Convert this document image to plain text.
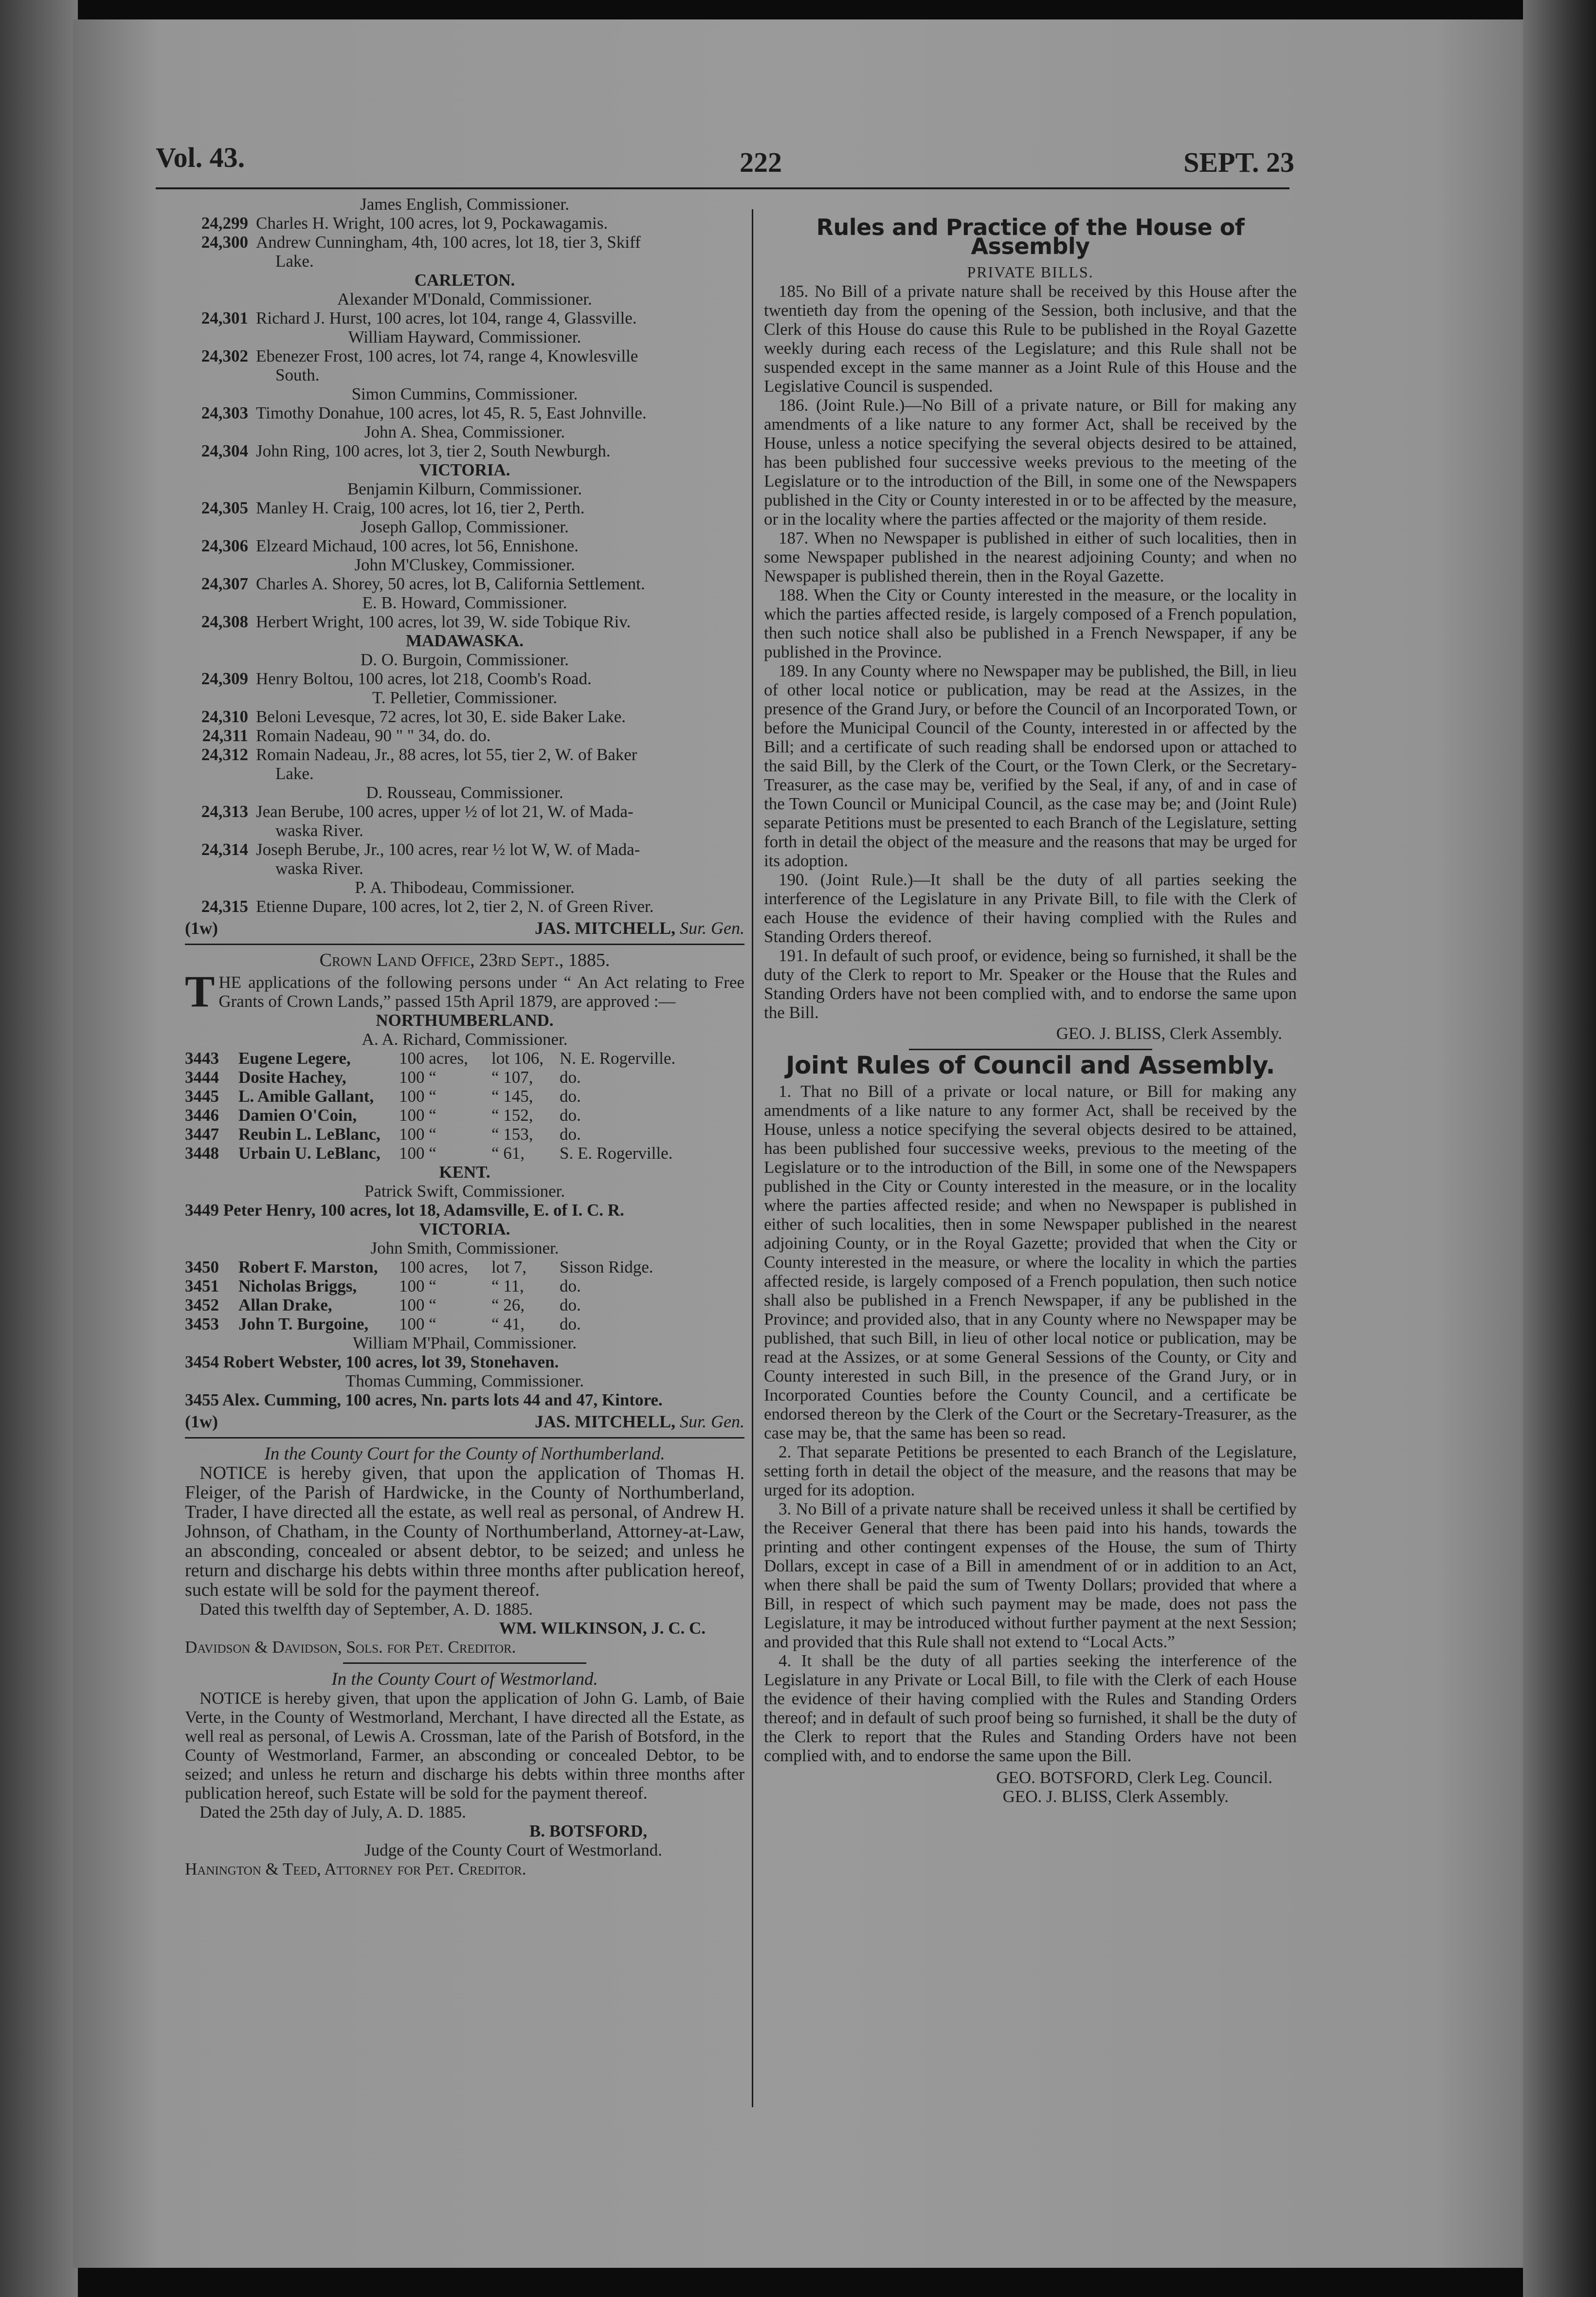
Vol. 43.	222	SEPT. 23
James English, Commissioner.
24,299 Charles H. Wright, 100 acres, lot 9, Pockawagamis.
24,300 Andrew Cunningham, 4th, 100 acres, lot 18, tier 3, Skiff
Lake.
CARLETON.
Alexander M'Donald, Commissioner.
24,301 Richard J. Hurst, 100 acres, lot 104, range 4, Glassville.
William Hayward, Commissioner.
24,302 Ebenezer Frost, 100 acres, lot 74, range 4, Knowlesville
South.
Simon Cummins, Commissioner.
24,303 Timothy Donahue, 100 acres, lot 45, R. 5, East Johnville.
John A. Shea, Commissioner.
24,304 John Ring, 100 acres, lot 3, tier 2, South Newburgh.
VICTORIA.
Benjamin Kilburn, Commissioner.
24,305 Manley H. Craig, 100 acres, lot 16, tier 2, Perth.
Joseph Gallop, Commissioner.
24,306 Elzeard Michaud, 100 acres, lot 56, Ennishone.
John M'Cluskey, Commissioner.
24,307 Charles A. Shorey, 50 acres, lot B, California Settlement.
E. B. Howard, Commissioner.
24,308 Herbert Wright, 100 acres, lot 39, W. side Tobique Riv.
MADAWASKA.
D. O. Burgoin, Commissioner.
24,309 Henry Boltou, 100 acres, lot 218, Coomb's Road.
T. Pelletier, Commissioner.
24,310 Beloni Levesque, 72 acres, lot 30, E. side Baker Lake.
24,311 Romain Nadeau, 90 " " 34, do. do.
24,312 Romain Nadeau, Jr., 88 acres, lot 55, tier 2, W. of Baker
Lake.
D. Rousseau, Commissioner.
24,313 Jean Berube, 100 acres, upper ½ of lot 21, W. of Mada-
waska River.
24,314 Joseph Berube, Jr., 100 acres, rear ½ lot W, W. of Mada-
waska River.
P. A. Thibodeau, Commissioner.
24,315 Etienne Dupare, 100 acres, lot 2, tier 2, N. of Green River.
(1w)	JAS. MITCHELL, Sur. Gen.
Crown Land Office, 23rd Sept., 1885.
THE applications of the following persons under “ An Act relating to Free Grants of Crown Lands,” passed 15th April 1879, are approved :—
NORTHUMBERLAND.
A. A. Richard, Commissioner.
3443	Eugene Legere,	100 acres,	lot 106, N. E. Rogerville.
3444	Dosite Hachey,	100 “	“ 107,	do.
3445	L. Amible Gallant,	100 “	“ 145,	do.
3446	Damien O'Coin,	100 “	“ 152,	do.
3447	Reubin L. LeBlanc,	100 “	“ 153,	do.
3448	Urbain U. LeBlanc,	100 “	“ 61,	S. E. Rogerville.
KENT.
Patrick Swift, Commissioner.
3449 Peter Henry, 100 acres, lot 18, Adamsville, E. of I. C. R.
VICTORIA.
John Smith, Commissioner.
3450	Robert F. Marston,	100 acres,	lot 7,	Sisson Ridge.
3451	Nicholas Briggs,	100 “	“ 11,	do.
3452	Allan Drake,	100 “	“ 26,	do.
3453	John T. Burgoine,	100 “	“ 41,	do.
William M'Phail, Commissioner.
3454 Robert Webster, 100 acres, lot 39, Stonehaven.
Thomas Cumming, Commissioner.
3455 Alex. Cumming, 100 acres, Nn. parts lots 44 and 47, Kintore.
(1w)	JAS. MITCHELL, Sur. Gen.
In the County Court for the County of Northumberland.

NOTICE is hereby given, that upon the application of Thomas H. Fleiger, of the Parish of Hardwicke, in the County of Northumberland, Trader, I have directed all the estate, as well real as personal, of Andrew H. Johnson, of Chatham, in the County of Northumberland, Attorney-at-Law, an absconding, concealed or absent debtor, to be seized; and unless he return and discharge his debts within three months after publication hereof, such estate will be sold for the payment thereof.

Dated this twelfth day of September, A. D. 1885.

WM. WILKINSON, J. C. C.
Davidson & Davidson, Sols. for Pet. Creditor.
In the County Court of Westmorland.

NOTICE is hereby given, that upon the application of John G. Lamb, of Baie Verte, in the County of Westmorland, Merchant, I have directed all the Estate, as well real as personal, of Lewis A. Crossman, late of the Parish of Botsford, in the County of Westmorland, Farmer, an absconding or concealed Debtor, to be seized; and unless he return and discharge his debts within three months after publication hereof, such Estate will be sold for the payment thereof.

Dated the 25th day of July, A. D. 1885.

B. BOTSFORD,
Judge of the County Court of Westmorland.
Hanington & Teed, Attorney for Pet. Creditor.
Rules and Practice of the House of Assembly
PRIVATE BILLS.

185. No Bill of a private nature shall be received by this House after the twentieth day from the opening of the Session, both inclusive, and that the Clerk of this House do cause this Rule to be published in the Royal Gazette weekly during each recess of the Legislature; and this Rule shall not be suspended except in the same manner as a Joint Rule of this House and the Legislative Council is suspended.

186. (Joint Rule.)—No Bill of a private nature, or Bill for making any amendments of a like nature to any former Act, shall be received by the House, unless a notice specifying the several objects desired to be attained, has been published four successive weeks previous to the meeting of the Legislature or to the introduction of the Bill, in some one of the Newspapers published in the City or County interested in or to be affected by the measure, or in the locality where the parties affected or the majority of them reside.

187. When no Newspaper is published in either of such localities, then in some Newspaper published in the nearest adjoining County; and when no Newspaper is published therein, then in the Royal Gazette.

188. When the City or County interested in the measure, or the locality in which the parties affected reside, is largely composed of a French population, then such notice shall also be published in a French Newspaper, if any be published in the Province.

189. In any County where no Newspaper may be published, the Bill, in lieu of other local notice or publication, may be read at the Assizes, in the presence of the Grand Jury, or before the Council of an Incorporated Town, or before the Municipal Council of the County, interested in or affected by the Bill; and a certificate of such reading shall be endorsed upon or attached to the said Bill, by the Clerk of the Court, or the Town Clerk, or the Secretary-Treasurer, as the case may be, verified by the Seal, if any, of and in case of the Town Council or Municipal Council, as the case may be; and (Joint Rule) separate Petitions must be presented to each Branch of the Legislature, setting forth in detail the object of the measure and the reasons that may be urged for its adoption.

190. (Joint Rule.)—It shall be the duty of all parties seeking the interference of the Legislature in any Private Bill, to file with the Clerk of each House the evidence of their having complied with the Rules and Standing Orders thereof.

191. In default of such proof, or evidence, being so furnished, it shall be the duty of the Clerk to report to Mr. Speaker or the House that the Rules and Standing Orders have not been complied with, and to endorse the same upon the Bill.

GEO. J. BLISS, Clerk Assembly.
Joint Rules of Council and Assembly.

1. That no Bill of a private or local nature, or Bill for making any amendments of a like nature to any former Act, shall be received by the House, unless a notice specifying the several objects desired to be attained, has been published four successive weeks, previous to the meeting of the Legislature or to the introduction of the Bill, in some one of the Newspapers published in the City or County interested in the measure, or in the locality where the parties affected reside; and when no Newspaper is published in either of such localities, then in some Newspaper published in the nearest adjoining County, or in the Royal Gazette; provided that when the City or County interested in the measure, or where the locality in which the parties affected reside, is largely composed of a French population, then such notice shall also be published in a French Newspaper, if any be published in the Province; and provided also, that in any County where no Newspaper may be published, that such Bill, in lieu of other local notice or publication, may be read at the Assizes, or at some General Sessions of the County, or City and County interested in such Bill, in the presence of the Grand Jury, or in Incorporated Counties before the County Council, and a certificate be endorsed thereon by the Clerk of the Court or the Secretary-Treasurer, as the case may be, that the same has been so read.

2. That separate Petitions be presented to each Branch of the Legislature, setting forth in detail the object of the measure, and the reasons that may be urged for its adoption.

3. No Bill of a private nature shall be received unless it shall be certified by the Receiver General that there has been paid into his hands, towards the printing and other contingent expenses of the House, the sum of Thirty Dollars, except in case of a Bill in amendment of or in addition to an Act, when there shall be paid the sum of Twenty Dollars; provided that where a Bill, in respect of which such payment may be made, does not pass the Legislature, it may be introduced without further payment at the next Session; and provided that this Rule shall not extend to “Local Acts.”

4. It shall be the duty of all parties seeking the interference of the Legislature in any Private or Local Bill, to file with the Clerk of each House the evidence of their having complied with the Rules and Standing Orders thereof; and in default of such proof being so furnished, it shall be the duty of the Clerk to report that the Rules and Standing Orders have not been complied with, and to endorse the same upon the Bill.

GEO. BOTSFORD, Clerk Leg. Council.
GEO. J. BLISS, Clerk Assembly.
